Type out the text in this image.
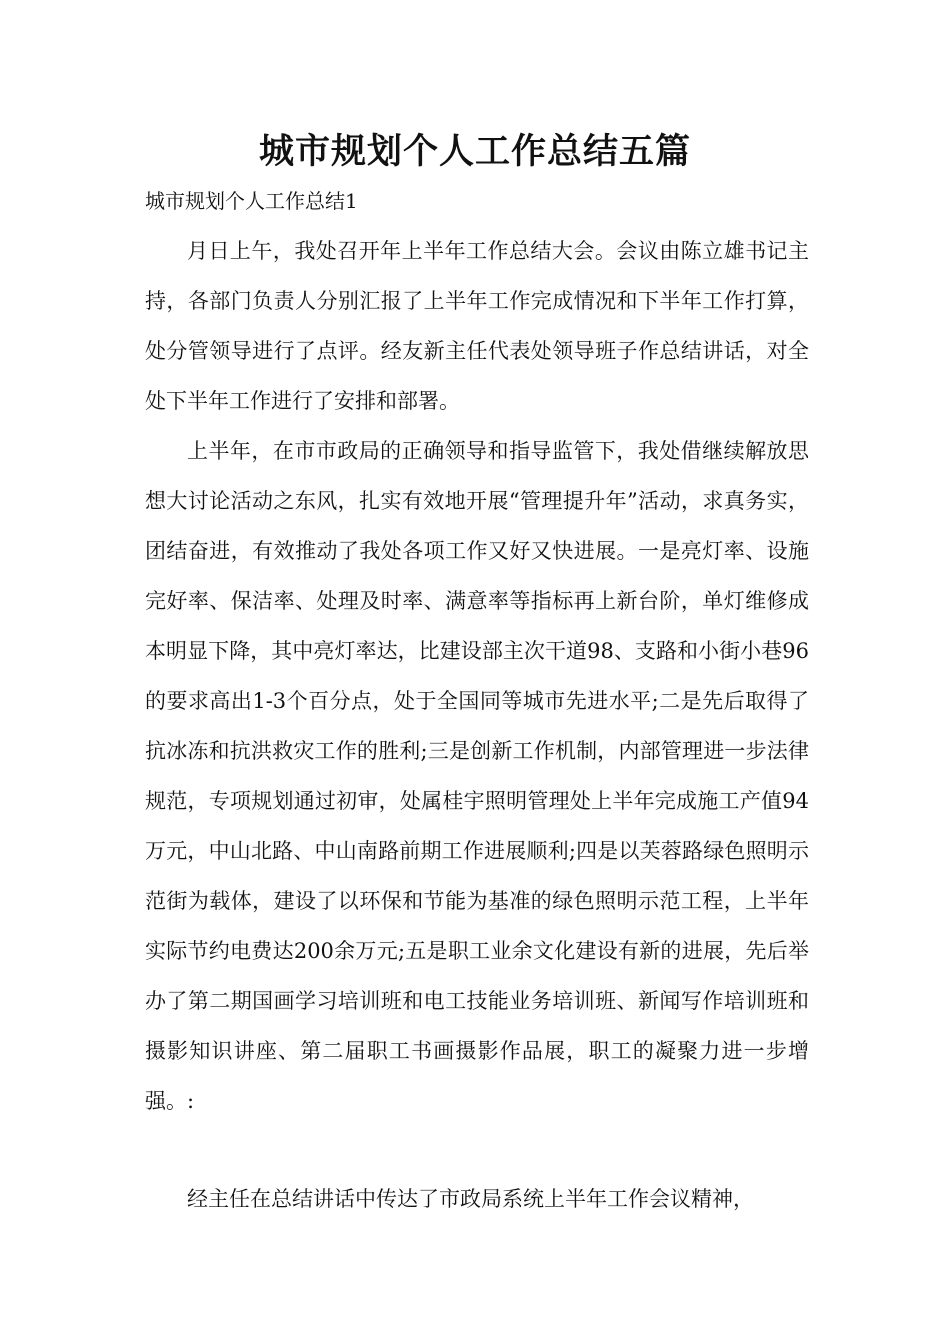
城市规划个人工作总结五篇

城市规划个人工作总结1

月日上午，我处召开年上半年工作总结大会。会议由陈立雄书记主持，各部门负责人分别汇报了上半年工作完成情况和下半年工作打算，处分管领导进行了点评。经友新主任代表处领导班子作总结讲话，对全处下半年工作进行了安排和部署。

上半年，在市市政局的正确领导和指导监管下，我处借继续解放思想大讨论活动之东风，扎实有效地开展“管理提升年”活动，求真务实，团结奋进，有效推动了我处各项工作又好又快进展。一是亮灯率、设施完好率、保洁率、处理及时率、满意率等指标再上新台阶，单灯维修成本明显下降，其中亮灯率达，比建设部主次干道98、支路和小街小巷96的要求高出1-3个百分点，处于全国同等城市先进水平;二是先后取得了抗冰冻和抗洪救灾工作的胜利;三是创新工作机制，内部管理进一步法律规范，专项规划通过初审，处属桂宇照明管理处上半年完成施工产值94万元，中山北路、中山南路前期工作进展顺利;四是以芙蓉路绿色照明示范街为载体，建设了以环保和节能为基准的绿色照明示范工程，上半年实际节约电费达200余万元;五是职工业余文化建设有新的进展，先后举办了第二期国画学习培训班和电工技能业务培训班、新闻写作培训班和摄影知识讲座、第二届职工书画摄影作品展，职工的凝聚力进一步增强。:

经主任在总结讲话中传达了市政局系统上半年工作会议精神，
